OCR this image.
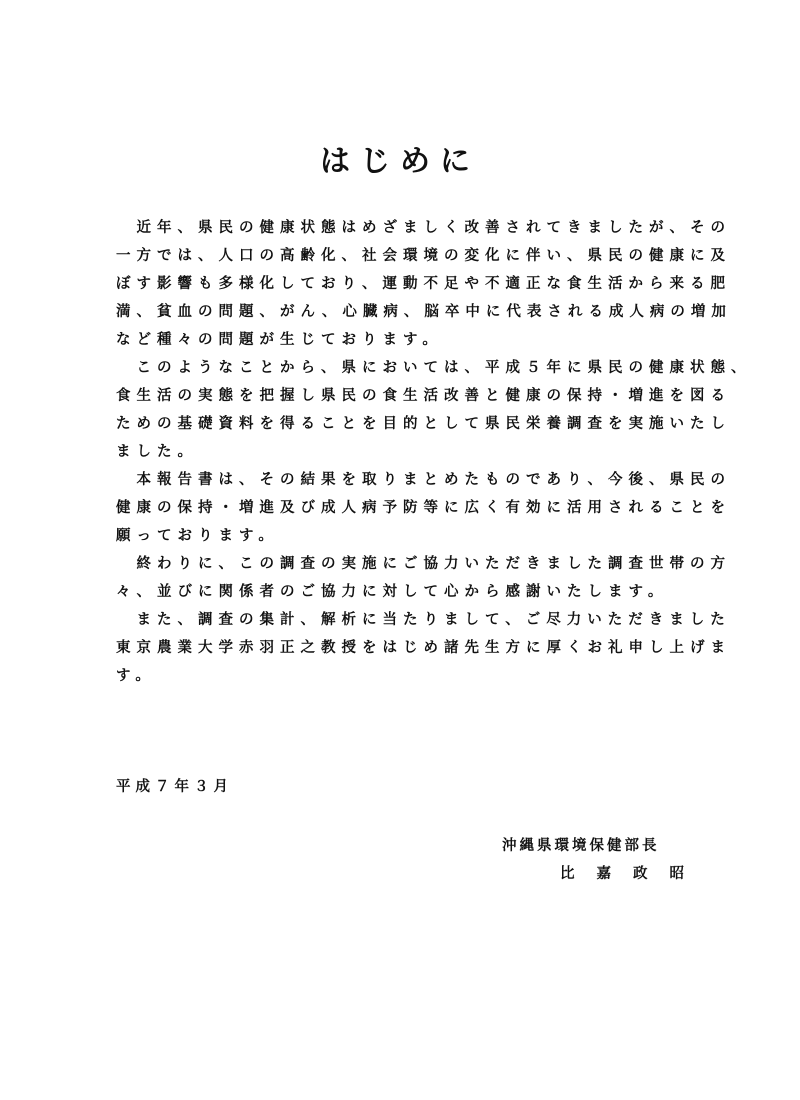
はじめに
　近年、県民の健康状態はめざましく改善されてきましたが、その
一方では、人口の高齢化、社会環境の変化に伴い、県民の健康に及
ぼす影響も多様化しており、運動不足や不適正な食生活から来る肥
満、貧血の問題、がん、心臓病、脳卒中に代表される成人病の増加
など種々の問題が生じております。
　このようなことから、県においては、平成５年に県民の健康状態、
食生活の実態を把握し県民の食生活改善と健康の保持・増進を図る
ための基礎資料を得ることを目的として県民栄養調査を実施いたし
ました。
　本報告書は、その結果を取りまとめたものであり、今後、県民の
健康の保持・増進及び成人病予防等に広く有効に活用されることを
願っております。
　終わりに、この調査の実施にご協力いただきました調査世帯の方
々、並びに関係者のご協力に対して心から感謝いたします。
　また、調査の集計、解析に当たりまして、ご尽力いただきました
東京農業大学赤羽正之教授をはじめ諸先生方に厚くお礼申し上げま
す。
平成７年３月
沖縄県環境保健部長
比嘉政昭
